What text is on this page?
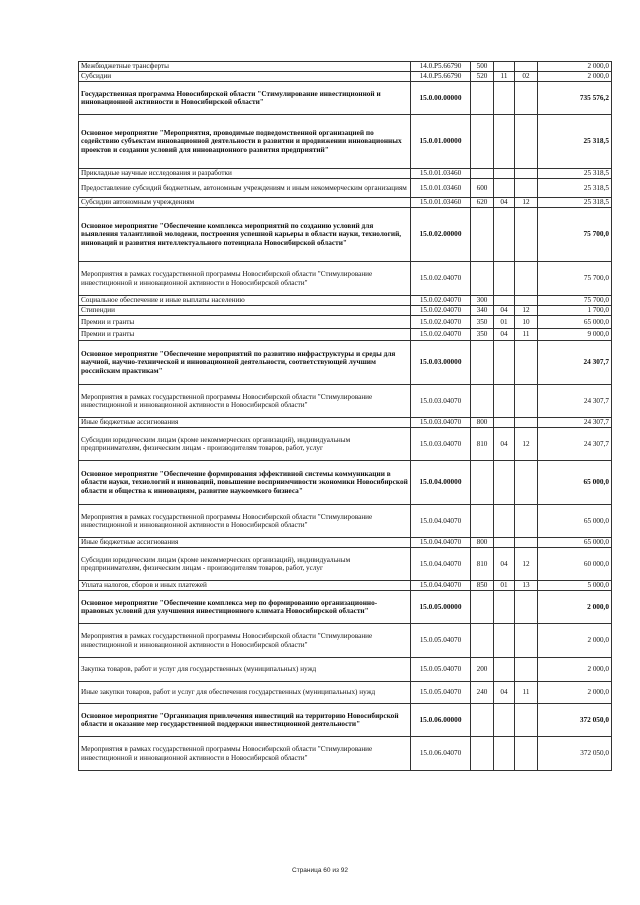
Межбюджетные трансферты	14.0.P5.66790	500			2 000,0
Субсидии	14.0.P5.66790	520	11	02	2 000,0
Государственная программа Новосибирской области "Стимулирование инвестиционной и инновационной активности в Новосибирской области"	15.0.00.00000				735 576,2
Основное мероприятие "Мероприятия, проводимые подведомственной организацией по содействию субъектам инновационной деятельности в развитии и продвижении инновационных проектов и создании условий для инновационного развития предприятий"	15.0.01.00000				25 318,5
Прикладные научные исследования и разработки	15.0.01.03460				25 318,5
Предоставление субсидий бюджетным, автономным учреждениям и иным некоммерческим организациям	15.0.01.03460	600			25 318,5
Субсидии автономным учреждениям	15.0.01.03460	620	04	12	25 318,5
Основное мероприятие "Обеспечение комплекса мероприятий по созданию условий для выявления талантливой молодежи, построения успешной карьеры в области науки, технологий, инноваций и развития интеллектуального потенциала Новосибирской области"	15.0.02.00000				75 700,0
Мероприятия в рамках государственной программы Новосибирской области "Стимулирование инвестиционной и инновационной активности в Новосибирской области"	15.0.02.04070				75 700,0
Социальное обеспечение и иные выплаты населению	15.0.02.04070	300			75 700,0
Стипендии	15.0.02.04070	340	04	12	1 700,0
Премии и гранты	15.0.02.04070	350	01	10	65 000,0
Премии и гранты	15.0.02.04070	350	04	11	9 000,0
Основное мероприятие "Обеспечение мероприятий по развитию инфраструктуры и среды для научной, научно-технической и инновационной деятельности, соответствующей лучшим российским практикам"	15.0.03.00000				24 307,7
Мероприятия в рамках государственной программы Новосибирской области "Стимулирование инвестиционной и инновационной активности в Новосибирской области"	15.0.03.04070				24 307,7
Иные бюджетные ассигнования	15.0.03.04070	800			24 307,7
Субсидии юридическим лицам (кроме некоммерческих организаций), индивидуальным предпринимателям, физическим лицам - производителям товаров, работ, услуг	15.0.03.04070	810	04	12	24 307,7
Основное мероприятие "Обеспечение формирования эффективной системы коммуникации в области науки, технологий и инноваций, повышение восприимчивости экономики Новосибирской области и общества к инновациям, развитие наукоемкого бизнеса"	15.0.04.00000				65 000,0
Мероприятия в рамках государственной программы Новосибирской области "Стимулирование инвестиционной и инновационной активности в Новосибирской области"	15.0.04.04070				65 000,0
Иные бюджетные ассигнования	15.0.04.04070	800			65 000,0
Субсидии юридическим лицам (кроме некоммерческих организаций), индивидуальным предпринимателям, физическим лицам - производителям товаров, работ, услуг	15.0.04.04070	810	04	12	60 000,0
Уплата налогов, сборов и иных платежей	15.0.04.04070	850	01	13	5 000,0
Основное мероприятие "Обеспечение комплекса мер по формированию организационно-правовых условий для улучшения инвестиционного климата Новосибирской области"	15.0.05.00000				2 000,0
Мероприятия в рамках государственной программы Новосибирской области "Стимулирование инвестиционной и инновационной активности в Новосибирской области"	15.0.05.04070				2 000,0
Закупка товаров, работ и услуг для государственных (муниципальных) нужд	15.0.05.04070	200			2 000,0
Иные закупки товаров, работ и услуг для обеспечения государственных (муниципальных) нужд	15.0.05.04070	240	04	11	2 000,0
Основное мероприятие "Организация привлечения инвестиций на территорию Новосибирской области и оказание мер государственной поддержки инвестиционной деятельности"	15.0.06.00000				372 050,0
Мероприятия в рамках государственной программы Новосибирской области "Стимулирование инвестиционной и инновационной активности в Новосибирской области"	15.0.06.04070				372 050,0
Страница 60 из 92
